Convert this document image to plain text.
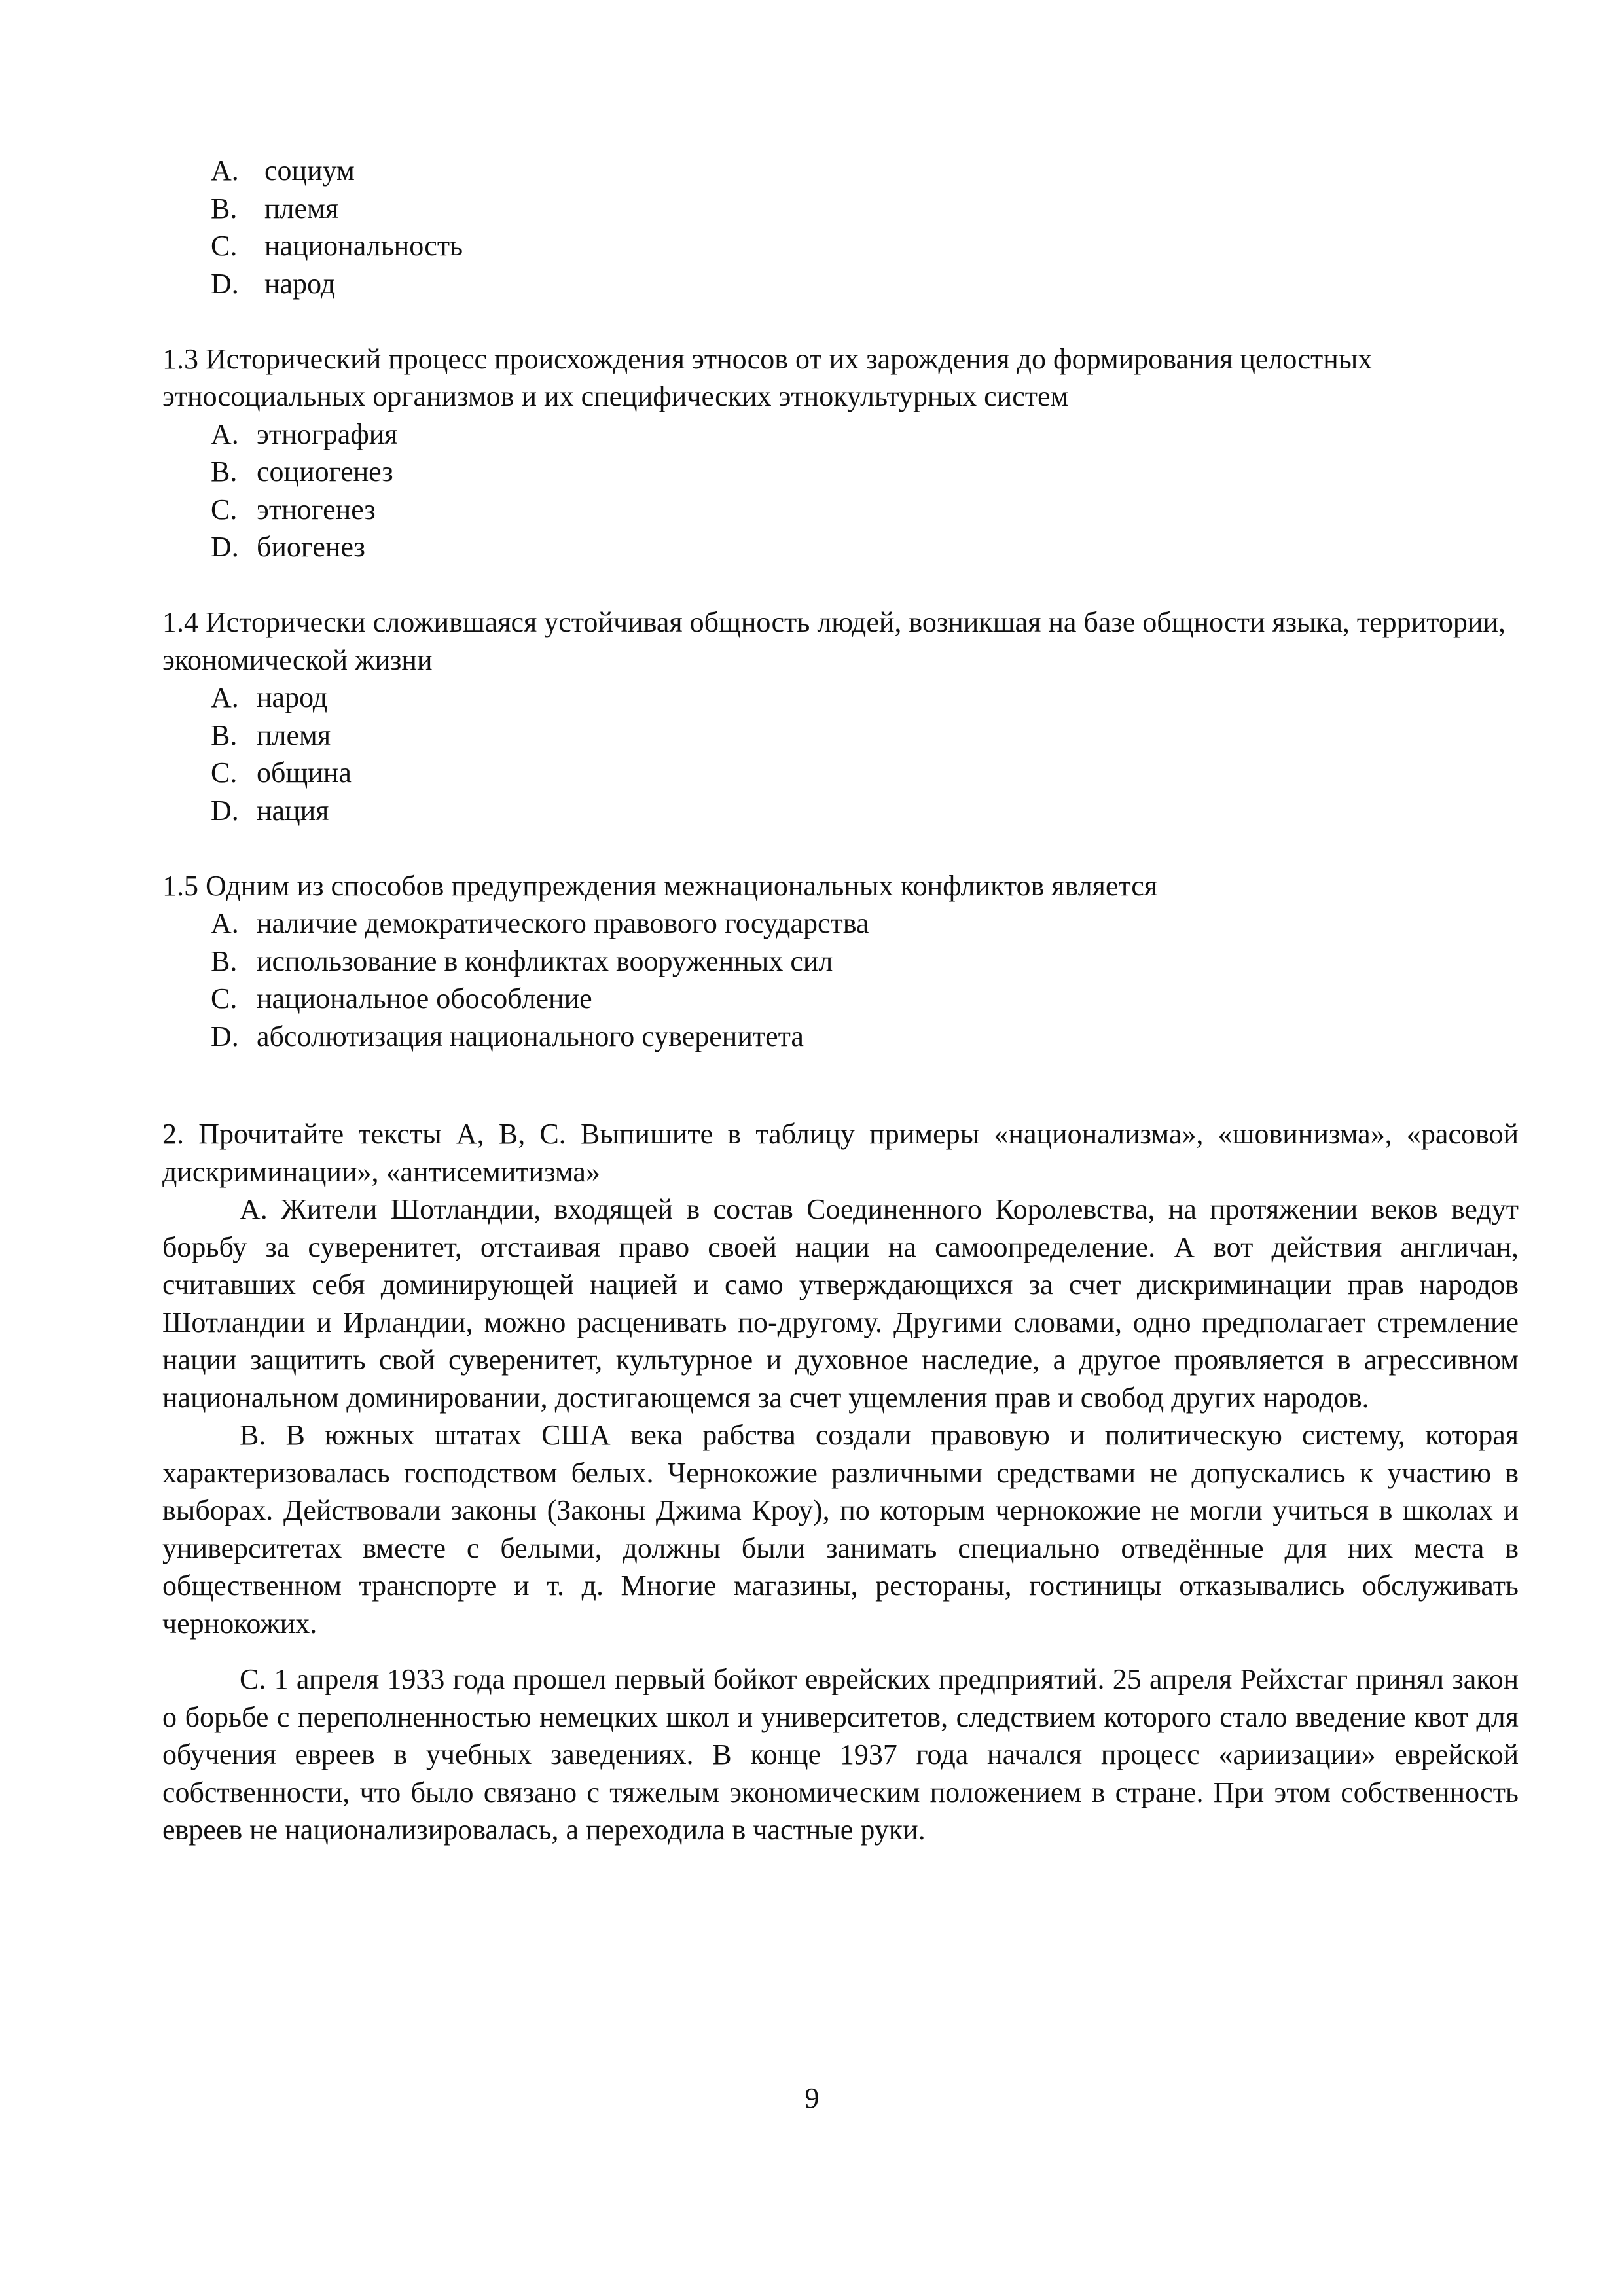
A. социум
B. племя
C. национальность
D. народ

1.3 Исторический процесс происхождения этносов от их зарождения до формирования целостных этносоциальных организмов и их специфических этнокультурных систем

A. этнография
B. социогенез
C. этногенез
D. биогенез

1.4 Исторически сложившаяся устойчивая общность людей, возникшая на базе общности языка, территории, экономической жизни

A. народ
B. племя
C. община
D. нация

1.5 Одним из способов предупреждения межнациональных конфликтов является

A. наличие демократического правового государства
B. использование в конфликтах вооруженных сил
C. национальное обособление
D. абсолютизация национального суверенитета

2. Прочитайте тексты А, В, С. Выпишите в таблицу примеры «национализма», «шовинизма», «расовой дискриминации», «антисемитизма»

А. Жители Шотландии, входящей в состав Соединенного Королевства, на протяжении веков ведут борьбу за суверенитет, отстаивая право своей нации на самоопределение. А вот действия англичан, считавших себя доминирующей нацией и само утверждающихся за счет дискриминации прав народов Шотландии и Ирландии, можно расценивать по-другому. Другими словами, одно предполагает стремление нации защитить свой суверенитет, культурное и духовное наследие, а другое проявляется в агрессивном национальном доминировании, достигающемся за счет ущемления прав и свобод других народов.

В. В южных штатах США века рабства создали правовую и политическую систему, которая характеризовалась господством белых. Чернокожие различными средствами не допускались к участию в выборах. Действовали законы (Законы Джима Кроу), по которым чернокожие не могли учиться в школах и университетах вместе с белыми, должны были занимать специально отведённые для них места в общественном транспорте и т. д. Многие магазины, рестораны, гостиницы отказывались обслуживать чернокожих.

С. 1 апреля 1933 года прошел первый бойкот еврейских предприятий. 25 апреля Рейхстаг принял закон о борьбе с переполненностью немецких школ и университетов, следствием которого стало введение квот для обучения евреев в учебных заведениях. В конце 1937 года начался процесс «ариизации» еврейской собственности, что было связано с тяжелым экономическим положением в стране. При этом собственность евреев не национализировалась, а переходила в частные руки.

9
